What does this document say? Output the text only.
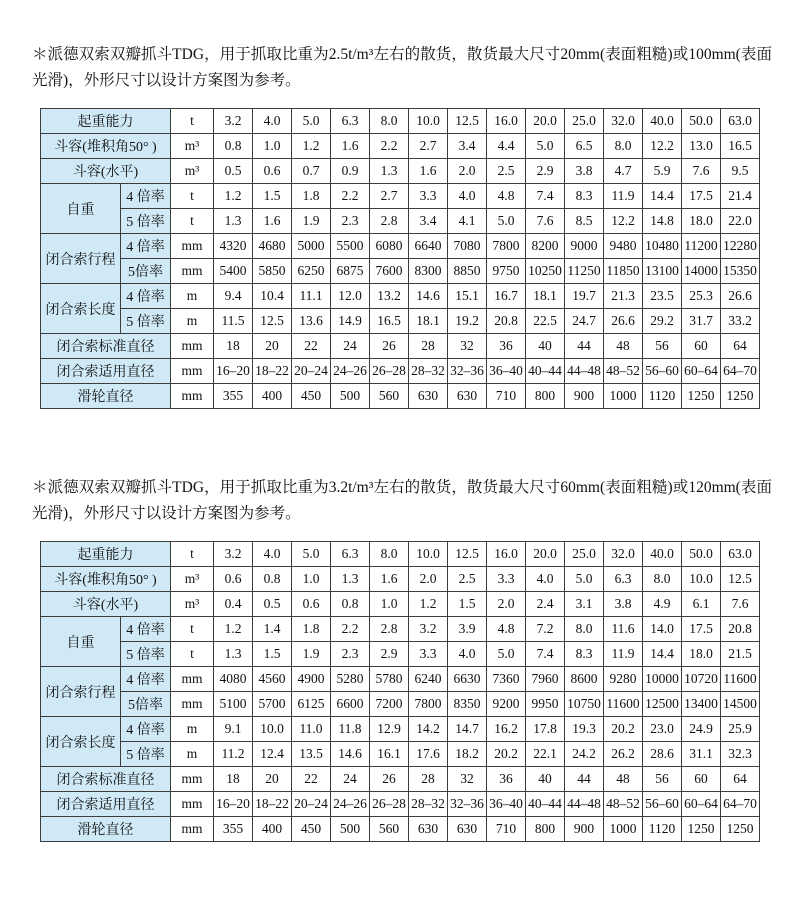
＊派德双索双瓣抓斗TDG，用于抓取比重为2.5t/m³左右的散货，散货最大尺寸20mm(表面粗糙)或100mm(表面光滑)，外形尺寸以设计方案图为参考。

起重能力		t	3.2	4.0	5.0	6.3	8.0	10.0	12.5	16.0	20.0	25.0	32.0	40.0	50.0	63.0
斗容(堆积角50° )		m³	0.8	1.0	1.2	1.6	2.2	2.7	3.4	4.4	5.0	6.5	8.0	12.2	13.0	16.5
斗容(水平)		m³	0.5	0.6	0.7	0.9	1.3	1.6	2.0	2.5	2.9	3.8	4.7	5.9	7.6	9.5
自重	4 倍率	t	1.2	1.5	1.8	2.2	2.7	3.3	4.0	4.8	7.4	8.3	11.9	14.4	17.5	21.4
	5 倍率	t	1.3	1.6	1.9	2.3	2.8	3.4	4.1	5.0	7.6	8.5	12.2	14.8	18.0	22.0
闭合索行程	4 倍率	mm	4320	4680	5000	5500	6080	6640	7080	7800	8200	9000	9480	10480	11200	12280
	5倍率	mm	5400	5850	6250	6875	7600	8300	8850	9750	10250	11250	11850	13100	14000	15350
闭合索长度	4 倍率	m	9.4	10.4	11.1	12.0	13.2	14.6	15.1	16.7	18.1	19.7	21.3	23.5	25.3	26.6
	5 倍率	m	11.5	12.5	13.6	14.9	16.5	18.1	19.2	20.8	22.5	24.7	26.6	29.2	31.7	33.2
闭合索标准直径		mm	18	20	22	24	26	28	32	36	40	44	48	56	60	64
闭合索适用直径		mm	16–20	18–22	20–24	24–26	26–28	28–32	32–36	36–40	40–44	44–48	48–52	56–60	60–64	64–70
滑轮直径		mm	355	400	450	500	560	630	630	710	800	900	1000	1120	1250	1250

＊派德双索双瓣抓斗TDG，用于抓取比重为3.2t/m³左右的散货，散货最大尺寸60mm(表面粗糙)或120mm(表面光滑)，外形尺寸以设计方案图为参考。

起重能力		t	3.2	4.0	5.0	6.3	8.0	10.0	12.5	16.0	20.0	25.0	32.0	40.0	50.0	63.0
斗容(堆积角50° )		m³	0.6	0.8	1.0	1.3	1.6	2.0	2.5	3.3	4.0	5.0	6.3	8.0	10.0	12.5
斗容(水平)		m³	0.4	0.5	0.6	0.8	1.0	1.2	1.5	2.0	2.4	3.1	3.8	4.9	6.1	7.6
自重	4 倍率	t	1.2	1.4	1.8	2.2	2.8	3.2	3.9	4.8	7.2	8.0	11.6	14.0	17.5	20.8
	5 倍率	t	1.3	1.5	1.9	2.3	2.9	3.3	4.0	5.0	7.4	8.3	11.9	14.4	18.0	21.5
闭合索行程	4 倍率	mm	4080	4560	4900	5280	5780	6240	6630	7360	7960	8600	9280	10000	10720	11600
	5倍率	mm	5100	5700	6125	6600	7200	7800	8350	9200	9950	10750	11600	12500	13400	14500
闭合索长度	4 倍率	m	9.1	10.0	11.0	11.8	12.9	14.2	14.7	16.2	17.8	19.3	20.2	23.0	24.9	25.9
	5 倍率	m	11.2	12.4	13.5	14.6	16.1	17.6	18.2	20.2	22.1	24.2	26.2	28.6	31.1	32.3
闭合索标准直径		mm	18	20	22	24	26	28	32	36	40	44	48	56	60	64
闭合索适用直径		mm	16–20	18–22	20–24	24–26	26–28	28–32	32–36	36–40	40–44	44–48	48–52	56–60	60–64	64–70
滑轮直径		mm	355	400	450	500	560	630	630	710	800	900	1000	1120	1250	1250
